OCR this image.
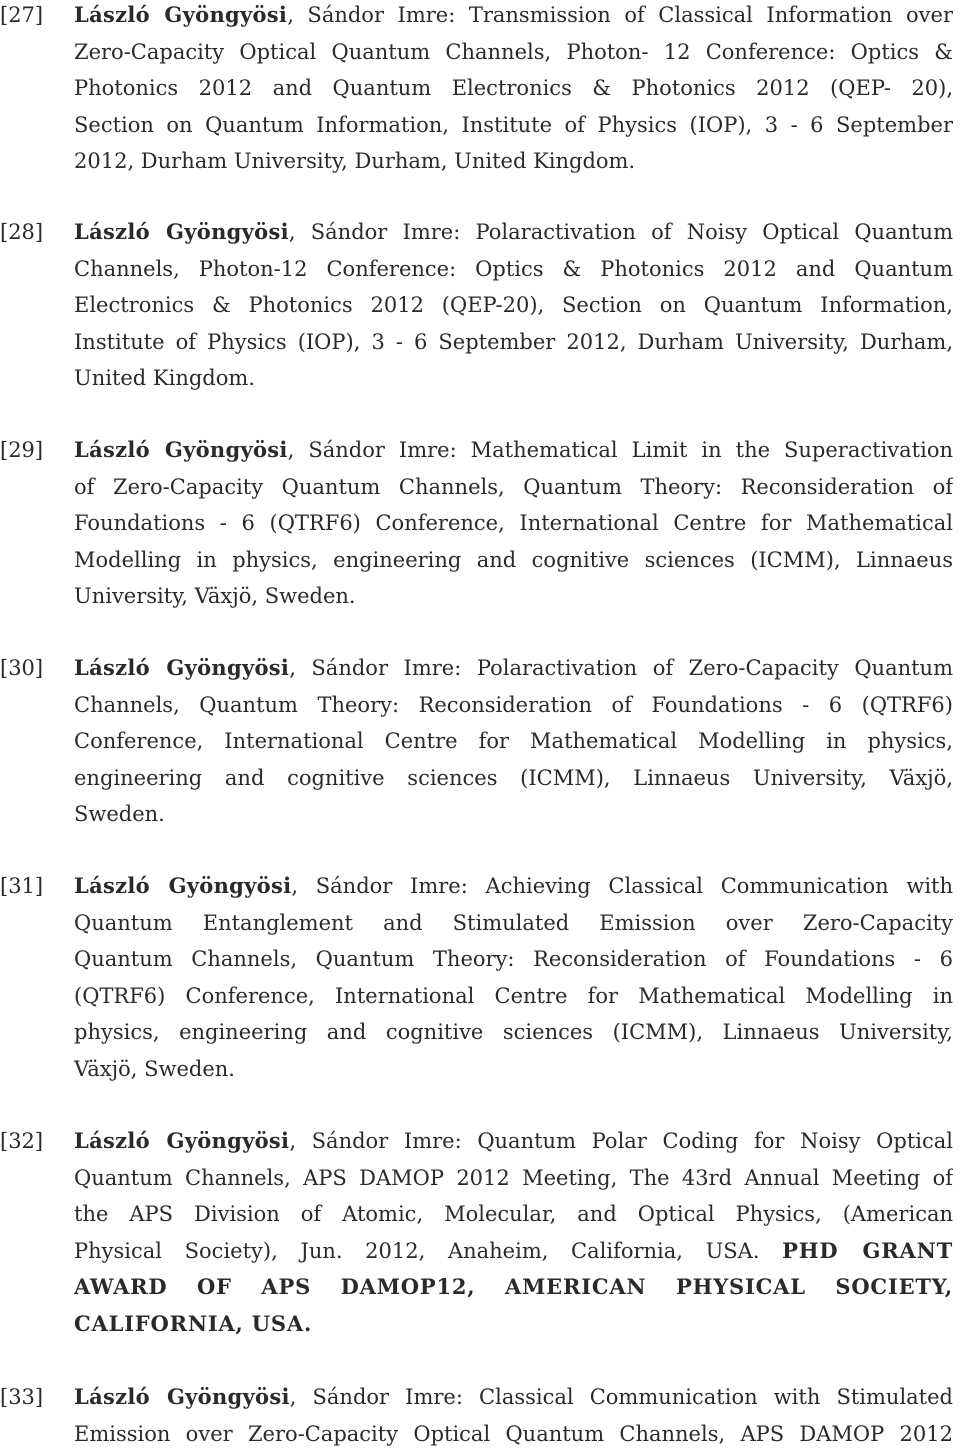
[27] László Gyöngyösi, Sándor Imre: Transmission of Classical Information over
Zero-Capacity Optical Quantum Channels, Photon- 12 Conference: Optics &
Photonics 2012 and Quantum Electronics & Photonics 2012 (QEP- 20),
Section on Quantum Information, Institute of Physics (IOP), 3 - 6 September
2012, Durham University, Durham, United Kingdom.
[28] László Gyöngyösi, Sándor Imre: Polaractivation of Noisy Optical Quantum
Channels, Photon-12 Conference: Optics & Photonics 2012 and Quantum
Electronics & Photonics 2012 (QEP-20), Section on Quantum Information,
Institute of Physics (IOP), 3 - 6 September 2012, Durham University, Durham,
United Kingdom.
[29] László Gyöngyösi, Sándor Imre: Mathematical Limit in the Superactivation
of Zero-Capacity Quantum Channels, Quantum Theory: Reconsideration of
Foundations - 6 (QTRF6) Conference, International Centre for Mathematical
Modelling in physics, engineering and cognitive sciences (ICMM), Linnaeus
University, Växjö, Sweden.
[30] László Gyöngyösi, Sándor Imre: Polaractivation of Zero-Capacity Quantum
Channels, Quantum Theory: Reconsideration of Foundations - 6 (QTRF6)
Conference, International Centre for Mathematical Modelling in physics,
engineering and cognitive sciences (ICMM), Linnaeus University, Växjö,
Sweden.
[31] László Gyöngyösi, Sándor Imre: Achieving Classical Communication with
Quantum Entanglement and Stimulated Emission over Zero-Capacity
Quantum Channels, Quantum Theory: Reconsideration of Foundations - 6
(QTRF6) Conference, International Centre for Mathematical Modelling in
physics, engineering and cognitive sciences (ICMM), Linnaeus University,
Växjö, Sweden.
[32] László Gyöngyösi, Sándor Imre: Quantum Polar Coding for Noisy Optical
Quantum Channels, APS DAMOP 2012 Meeting, The 43rd Annual Meeting of
the APS Division of Atomic, Molecular, and Optical Physics, (American
Physical Society), Jun. 2012, Anaheim, California, USA. PHD GRANT
AWARD OF APS DAMOP12, AMERICAN PHYSICAL SOCIETY,
CALIFORNIA, USA.
[33] László Gyöngyösi, Sándor Imre: Classical Communication with Stimulated
Emission over Zero-Capacity Optical Quantum Channels, APS DAMOP 2012
